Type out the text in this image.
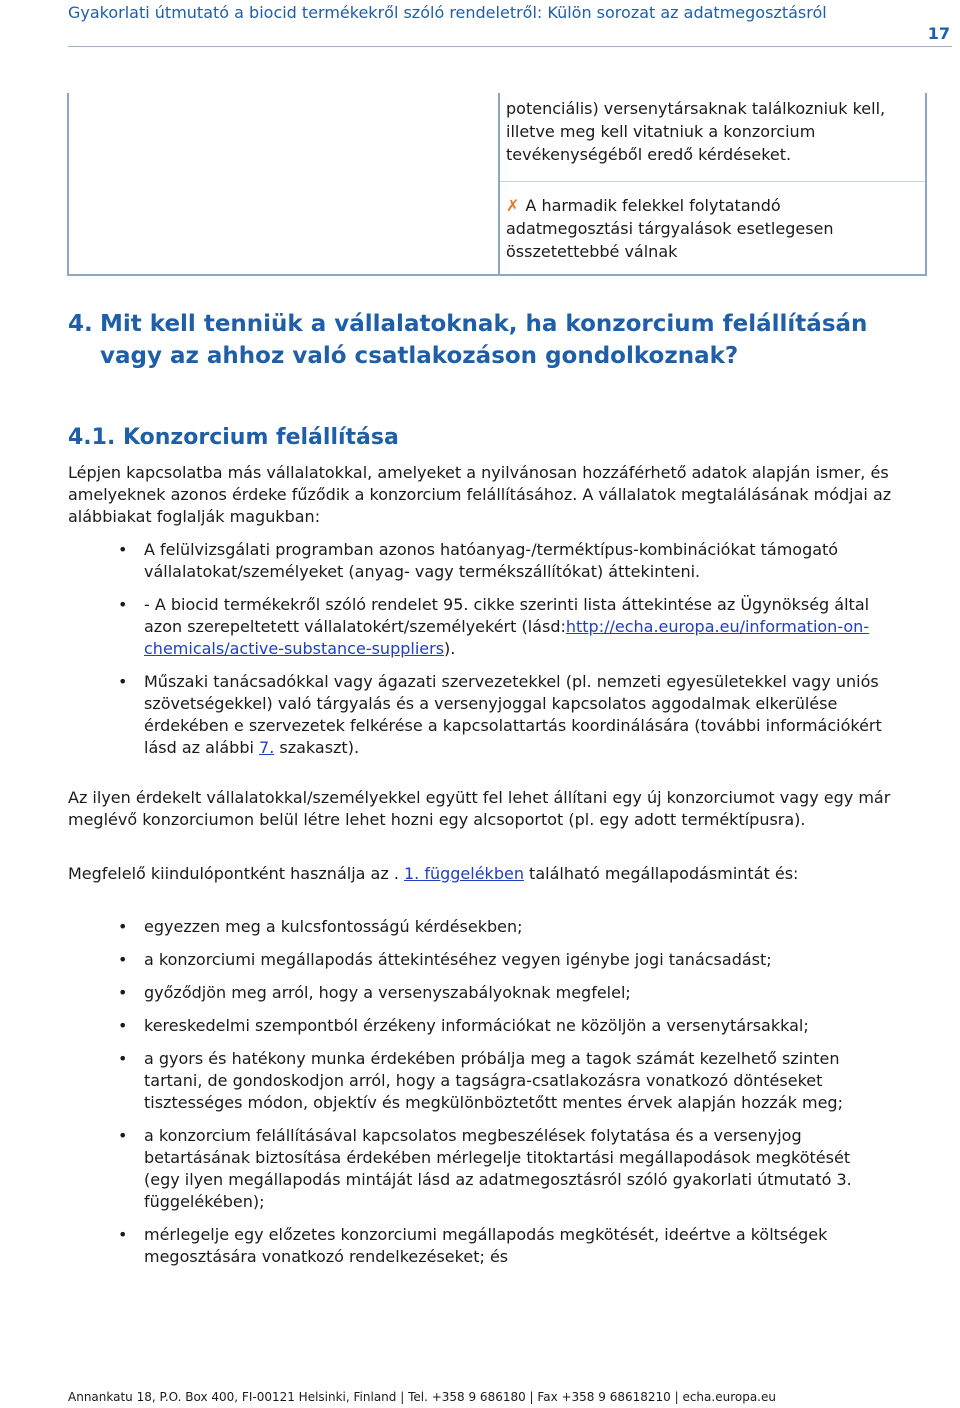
Gyakorlati útmutató a biocid termékekről szóló rendeletről: Külön sorozat az adatmegosztásról
17
potenciális) versenytársaknak találkozniuk kell, illetve meg kell vitatniuk a konzorcium tevékenységéből eredő kérdéseket.
✗ A harmadik felekkel folytatandó adatmegosztási tárgyalások esetlegesen összetettebbé válnak
4. Mit kell tenniük a vállalatoknak, ha konzorcium felállításán vagy az ahhoz való csatlakozáson gondolkoznak?
4.1. Konzorcium felállítása

Lépjen kapcsolatba más vállalatokkal, amelyeket a nyilvánosan hozzáférhető adatok alapján ismer, és amelyeknek azonos érdeke fűződik a konzorcium felállításához. A vállalatok megtalálásának módjai az alábbiakat foglalják magukban:

• A felülvizsgálati programban azonos hatóanyag-/terméktípus-kombinációkat támogató vállalatokat/személyeket (anyag- vagy termékszállítókat) áttekinteni.
• - A biocid termékekről szóló rendelet 95. cikke szerinti lista áttekintése az Ügynökség által azon szerepeltetett vállalatokért/személyekért (lásd:http://echa.europa.eu/information-on-chemicals/active-substance-suppliers).
• Műszaki tanácsadókkal vagy ágazati szervezetekkel (pl. nemzeti egyesületekkel vagy uniós szövetségekkel) való tárgyalás és a versenyjoggal kapcsolatos aggodalmak elkerülése érdekében e szervezetek felkérése a kapcsolattartás koordinálására (további információkért lásd az alábbi 7. szakaszt).

Az ilyen érdekelt vállalatokkal/személyekkel együtt fel lehet állítani egy új konzorciumot vagy egy már meglévő konzorciumon belül létre lehet hozni egy alcsoportot (pl. egy adott terméktípusra).

Megfelelő kiindulópontként használja az . 1. függelékben található megállapodásmintát és:

• egyezzen meg a kulcsfontosságú kérdésekben;
• a konzorciumi megállapodás áttekintéséhez vegyen igénybe jogi tanácsadást;
• győződjön meg arról, hogy a versenyszabályoknak megfelel;
• kereskedelmi szempontból érzékeny információkat ne közöljön a versenytársakkal;
• a gyors és hatékony munka érdekében próbálja meg a tagok számát kezelhető szinten tartani, de gondoskodjon arról, hogy a tagságra-csatlakozásra vonatkozó döntéseket tisztességes módon, objektív és megkülönböztetőtt mentes érvek alapján hozzák meg;
• a konzorcium felállításával kapcsolatos megbeszélések folytatása és a versenyjog betartásának biztosítása érdekében mérlegelje titoktartási megállapodások megkötését (egy ilyen megállapodás mintáját lásd az adatmegosztásról szóló gyakorlati útmutató 3. függelékében);
• mérlegelje egy előzetes konzorciumi megállapodás megkötését, ideértve a költségek megosztására vonatkozó rendelkezéseket; és
Annankatu 18, P.O. Box 400, FI-00121 Helsinki, Finland | Tel. +358 9 686180 | Fax +358 9 68618210 | echa.europa.eu
